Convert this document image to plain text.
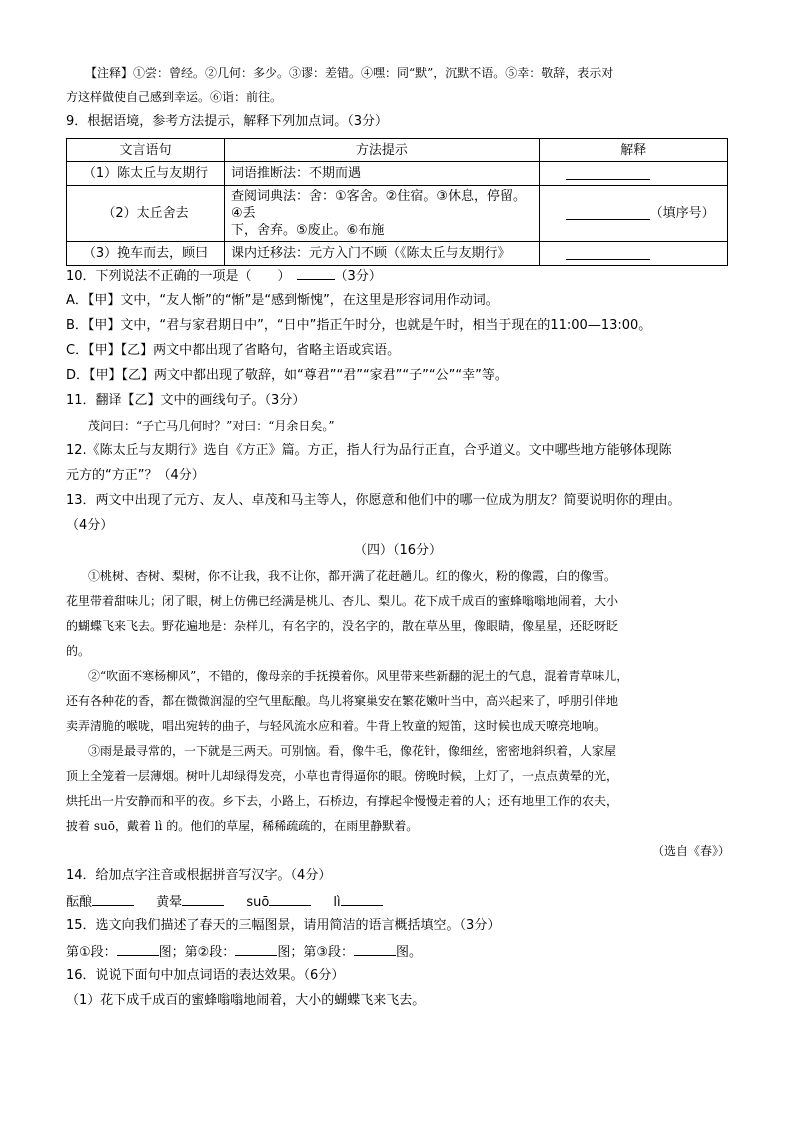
【注释】①尝：曾经。②几何：多少。③谬：差错。④嘿：同“默”，沉默不语。⑤幸：敬辞，表示对
方这样做使自己感到幸运。⑥诣：前往。
9．根据语境，参考方法提示，解释下列加点词。（3分）
文言语句	方法提示	解释
（1）陈太丘与友期行	词语推断法：不期而遇	
（2）太丘舍去	查阅词典法：舍：①客舍。②住宿。③休息，停留。④丢
下，舍弃。⑤废止。⑥布施	（填序号）
（3）挽车而去，顾曰	课内迁移法：元方入门不顾（《陈太丘与友期行》	
10．下列说法不正确的一项是（　　）	（3分）
A．【甲】文中，“友人惭”的“惭”是“感到惭愧”，在这里是形容词用作动词。
B．【甲】文中，“君与家君期日中”，“日中”指正午时分，也就是午时，相当于现在的11:00—13:00。
C．【甲】【乙】两文中都出现了省略句，省略主语或宾语。
D．【甲】【乙】两文中都出现了敬辞，如“尊君”“君”“家君”“子”“公”“幸”等。
11．翻译【乙】文中的画线句子。（3分）
茂问曰：“子亡马几何时？”对曰：“月余日矣。”
12.《陈太丘与友期行》选自《方正》篇。方正，指人行为品行正直，合乎道义。文中哪些地方能够体现陈
元方的“方正”？（4分）
13．两文中出现了元方、友人、卓茂和马主等人，你愿意和他们中的哪一位成为朋友？简要说明你的理由。
（4分）
（四）（16分）
①桃树、杏树、梨树，你不让我，我不让你，都开满了花赶趟儿。红的像火，粉的像霞，白的像雪。
花里带着甜味儿；闭了眼，树上仿佛已经满是桃儿、杏儿、梨儿。花下成千成百的蜜蜂嗡嗡地闹着，大小
的蝴蝶飞来飞去。野花遍地是：杂样儿，有名字的，没名字的，散在草丛里，像眼睛，像星星，还眨呀眨
的。
②“吹面不寒杨柳风”，不错的，像母亲的手抚摸着你。风里带来些新翻的泥土的气息，混着青草味儿，
还有各种花的香，都在微微润湿的空气里酝酿。鸟儿将窠巢安在繁花嫩叶当中，高兴起来了，呼朋引伴地
卖弄清脆的喉咙，唱出宛转的曲子，与轻风流水应和着。牛背上牧童的短笛，这时候也成天嘹亮地响。
③雨是最寻常的，一下就是三两天。可别恼。看，像牛毛，像花针，像细丝，密密地斜织着，人家屋
顶上全笼着一层薄烟。树叶儿却绿得发亮，小草也青得逼你的眼。傍晚时候，上灯了，一点点黄晕的光，
烘托出一片安静而和平的夜。乡下去，小路上，石桥边，有撑起伞慢慢走着的人；还有地里工作的农夫，
披着 suō，戴着 lì 的。他们的草屋，稀稀疏疏的，在雨里静默着。
（选自《春》）
14．给加点字注音或根据拼音写汉字。（4分）
酝酿	黄晕	suō	lì
15．选文向我们描述了春天的三幅图景，请用简洁的语言概括填空。（3分）
第①段：	图；第②段：	图；第③段：	图。
16．说说下面句中加点词语的表达效果。（6分）
（1）花下成千成百的蜜蜂嗡嗡地闹着，大小的蝴蝶飞来飞去。
